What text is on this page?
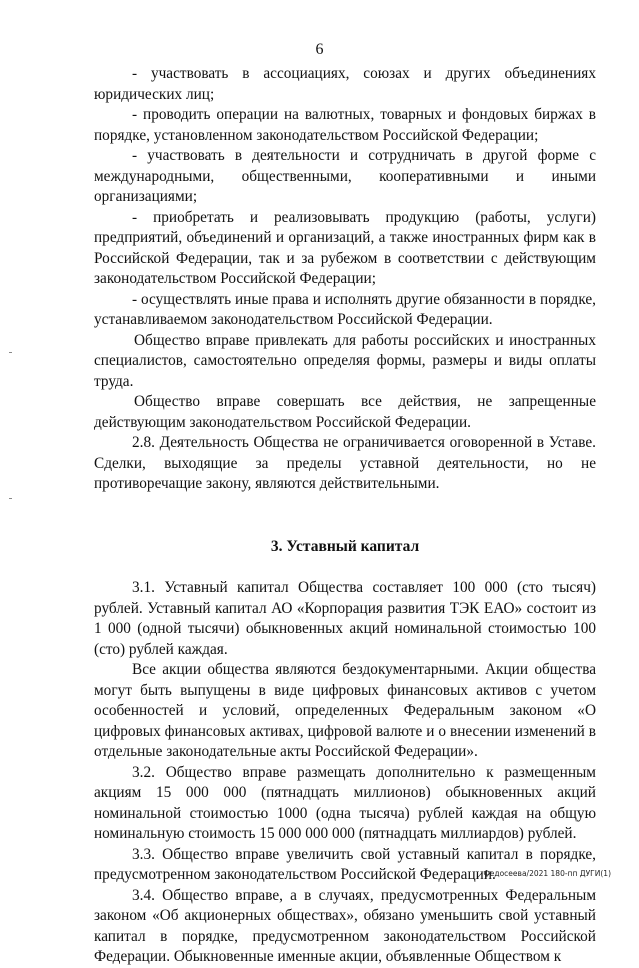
6

- участвовать в ассоциациях, союзах и других объединениях юридических лиц;

- проводить операции на валютных, товарных и фондовых биржах в порядке, установленном законодательством Российской Федерации;

- участвовать в деятельности и сотрудничать в другой форме с международными, общественными, кооперативными и иными организациями;

- приобретать и реализовывать продукцию (работы, услуги) предприятий, объединений и организаций, а также иностранных фирм как в Российской Федерации, так и за рубежом в соответствии с действующим законодательством Российской Федерации;

- осуществлять иные права и исполнять другие обязанности в порядке, устанавливаемом законодательством Российской Федерации.

Общество вправе привлекать для работы российских и иностранных специалистов, самостоятельно определяя формы, размеры и виды оплаты труда.

Общество вправе совершать все действия, не запрещенные действующим законодательством Российской Федерации.

2.8. Деятельность Общества не ограничивается оговоренной в Уставе. Сделки, выходящие за пределы уставной деятельности, но не противоречащие закону, являются действительными.

3. Уставный капитал

3.1. Уставный капитал Общества составляет 100 000 (сто тысяч) рублей. Уставный капитал АО «Корпорация развития ТЭК ЕАО» состоит из 1 000 (одной тысячи) обыкновенных акций номинальной стоимостью 100 (сто) рублей каждая.

Все акции общества являются бездокументарными. Акции общества могут быть выпущены в виде цифровых финансовых активов с учетом особенностей и условий, определенных Федеральным законом «О цифровых финансовых активах, цифровой валюте и о внесении изменений в отдельные законодательные акты Российской Федерации».

3.2. Общество вправе размещать дополнительно к размещенным акциям 15 000 000 (пятнадцать миллионов) обыкновенных акций номинальной стоимостью 1000 (одна тысяча) рублей каждая на общую номинальную стоимость 15 000 000 000 (пятнадцать миллиардов) рублей.

3.3. Общество вправе увеличить свой уставный капитал в порядке, предусмотренном законодательством Российской Федерации.

3.4. Общество вправе, а в случаях, предусмотренных Федеральным законом «Об акционерных обществах», обязано уменьшить свой уставный капитал в порядке, предусмотренном законодательством Российской Федерации. Обыкновенные именные акции, объявленные Обществом к

Федосеева/2021 180-пп ДУГИ(1)
